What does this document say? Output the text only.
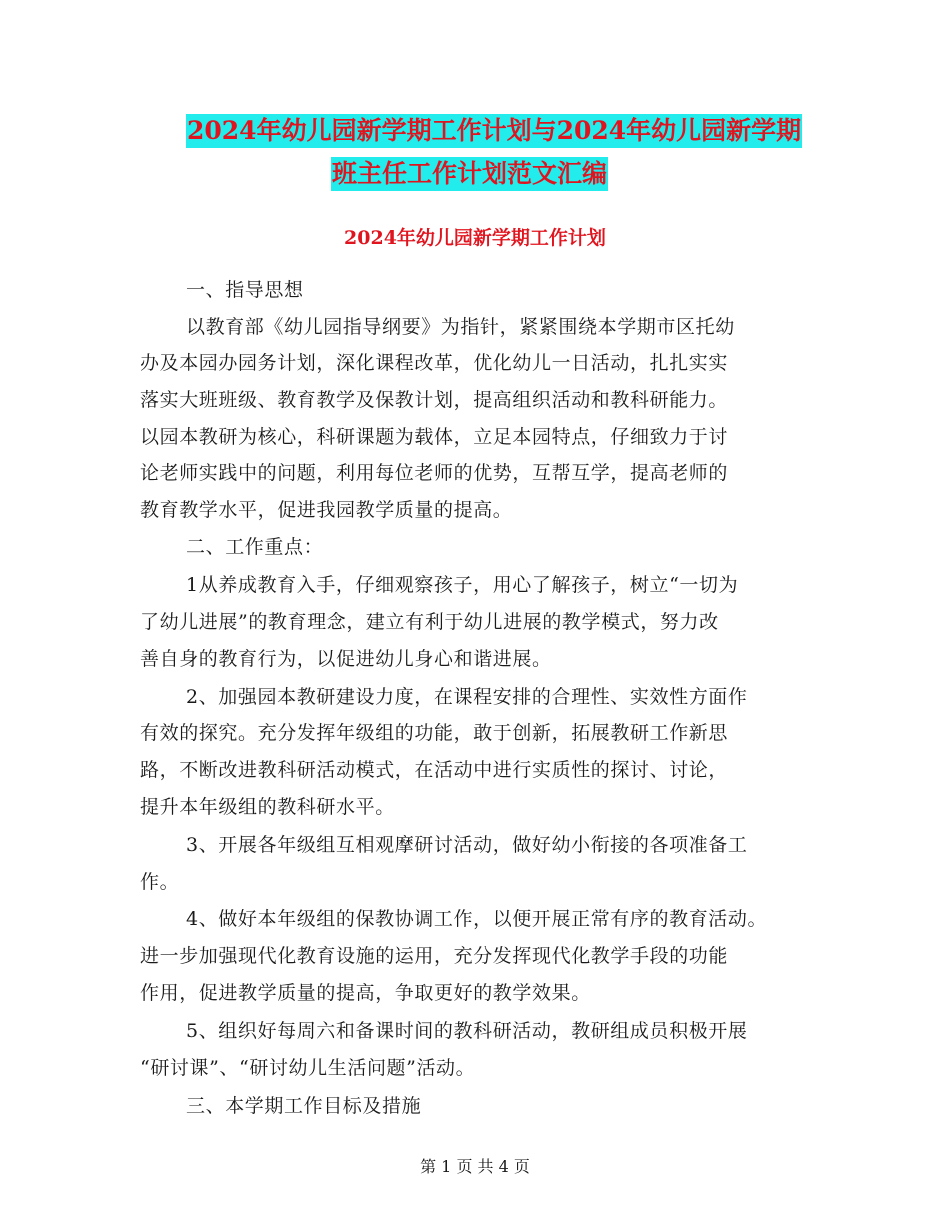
2024年幼儿园新学期工作计划与2024年幼儿园新学期
班主任工作计划范文汇编
2024年幼儿园新学期工作计划
一、指导思想
以教育部《幼儿园指导纲要》为指针，紧紧围绕本学期市区托幼
办及本园办园务计划，深化课程改革，优化幼儿一日活动，扎扎实实
落实大班班级、教育教学及保教计划，提高组织活动和教科研能力。
以园本教研为核心，科研课题为载体，立足本园特点，仔细致力于讨
论老师实践中的问题，利用每位老师的优势，互帮互学，提高老师的
教育教学水平，促进我园教学质量的提高。
二、工作重点：
1从养成教育入手，仔细观察孩子，用心了解孩子，树立“一切为
了幼儿进展”的教育理念，建立有利于幼儿进展的教学模式，努力改
善自身的教育行为，以促进幼儿身心和谐进展。
2、加强园本教研建设力度，在课程安排的合理性、实效性方面作
有效的探究。充分发挥年级组的功能，敢于创新，拓展教研工作新思
路，不断改进教科研活动模式，在活动中进行实质性的探讨、讨论，
提升本年级组的教科研水平。
3、开展各年级组互相观摩研讨活动，做好幼小衔接的各项准备工
作。
4、做好本年级组的保教协调工作，以便开展正常有序的教育活动。
进一步加强现代化教育设施的运用，充分发挥现代化教学手段的功能
作用，促进教学质量的提高，争取更好的教学效果。
5、组织好每周六和备课时间的教科研活动，教研组成员积极开展
“研讨课”、“研讨幼儿生活问题”活动。
三、本学期工作目标及措施
第 1 页 共 4 页
